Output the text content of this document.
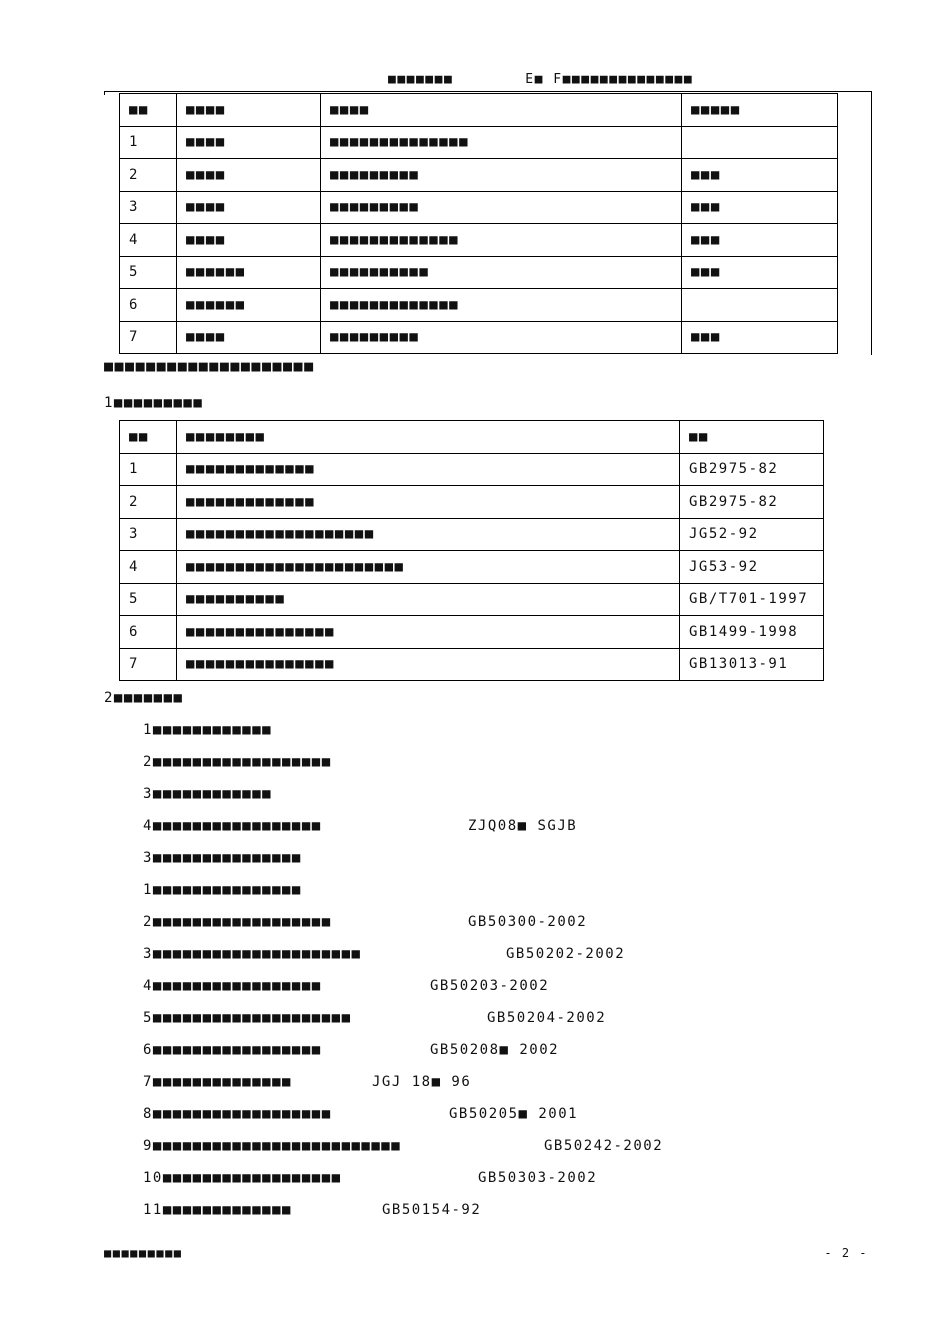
■■■■■■■	E■ F■■■■■■■■■■■■■■
■■	■■■■	■■■■	■■■■■
1	■■■■	■■■■■■■■■■■■■■	
2	■■■■	■■■■■■■■■	■■■
3	■■■■	■■■■■■■■■	■■■
4	■■■■	■■■■■■■■■■■■■	■■■
5	■■■■■■	■■■■■■■■■■	■■■
6	■■■■■■	■■■■■■■■■■■■■	
7	■■■■	■■■■■■■■■	■■■
■■■■■■■■■■■■■■■■■■■■
1■■■■■■■■■
■■	■■■■■■■■	■■
1	■■■■■■■■■■■■■	GB2975-82
2	■■■■■■■■■■■■■	GB2975-82
3	■■■■■■■■■■■■■■■■■■■	JG52-92
4	■■■■■■■■■■■■■■■■■■■■■■	JG53-92
5	■■■■■■■■■■	GB/T701-1997
6	■■■■■■■■■■■■■■■	GB1499-1998
7	■■■■■■■■■■■■■■■	GB13013-91
2■■■■■■■
1■■■■■■■■■■■■
2■■■■■■■■■■■■■■■■■■
3■■■■■■■■■■■■
4■■■■■■■■■■■■■■■■■	ZJQ08■ SGJB
3■■■■■■■■■■■■■■■
1■■■■■■■■■■■■■■■
2■■■■■■■■■■■■■■■■■■	GB50300-2002
3■■■■■■■■■■■■■■■■■■■■■	GB50202-2002
4■■■■■■■■■■■■■■■■■	GB50203-2002
5■■■■■■■■■■■■■■■■■■■■	GB50204-2002
6■■■■■■■■■■■■■■■■■	GB50208■ 2002
7■■■■■■■■■■■■■■	JGJ 18■ 96
8■■■■■■■■■■■■■■■■■■	GB50205■ 2001
9■■■■■■■■■■■■■■■■■■■■■■■■■	GB50242-2002
10■■■■■■■■■■■■■■■■■■	GB50303-2002
11■■■■■■■■■■■■■	GB50154-92
■■■■■■■■■	- 2 -
